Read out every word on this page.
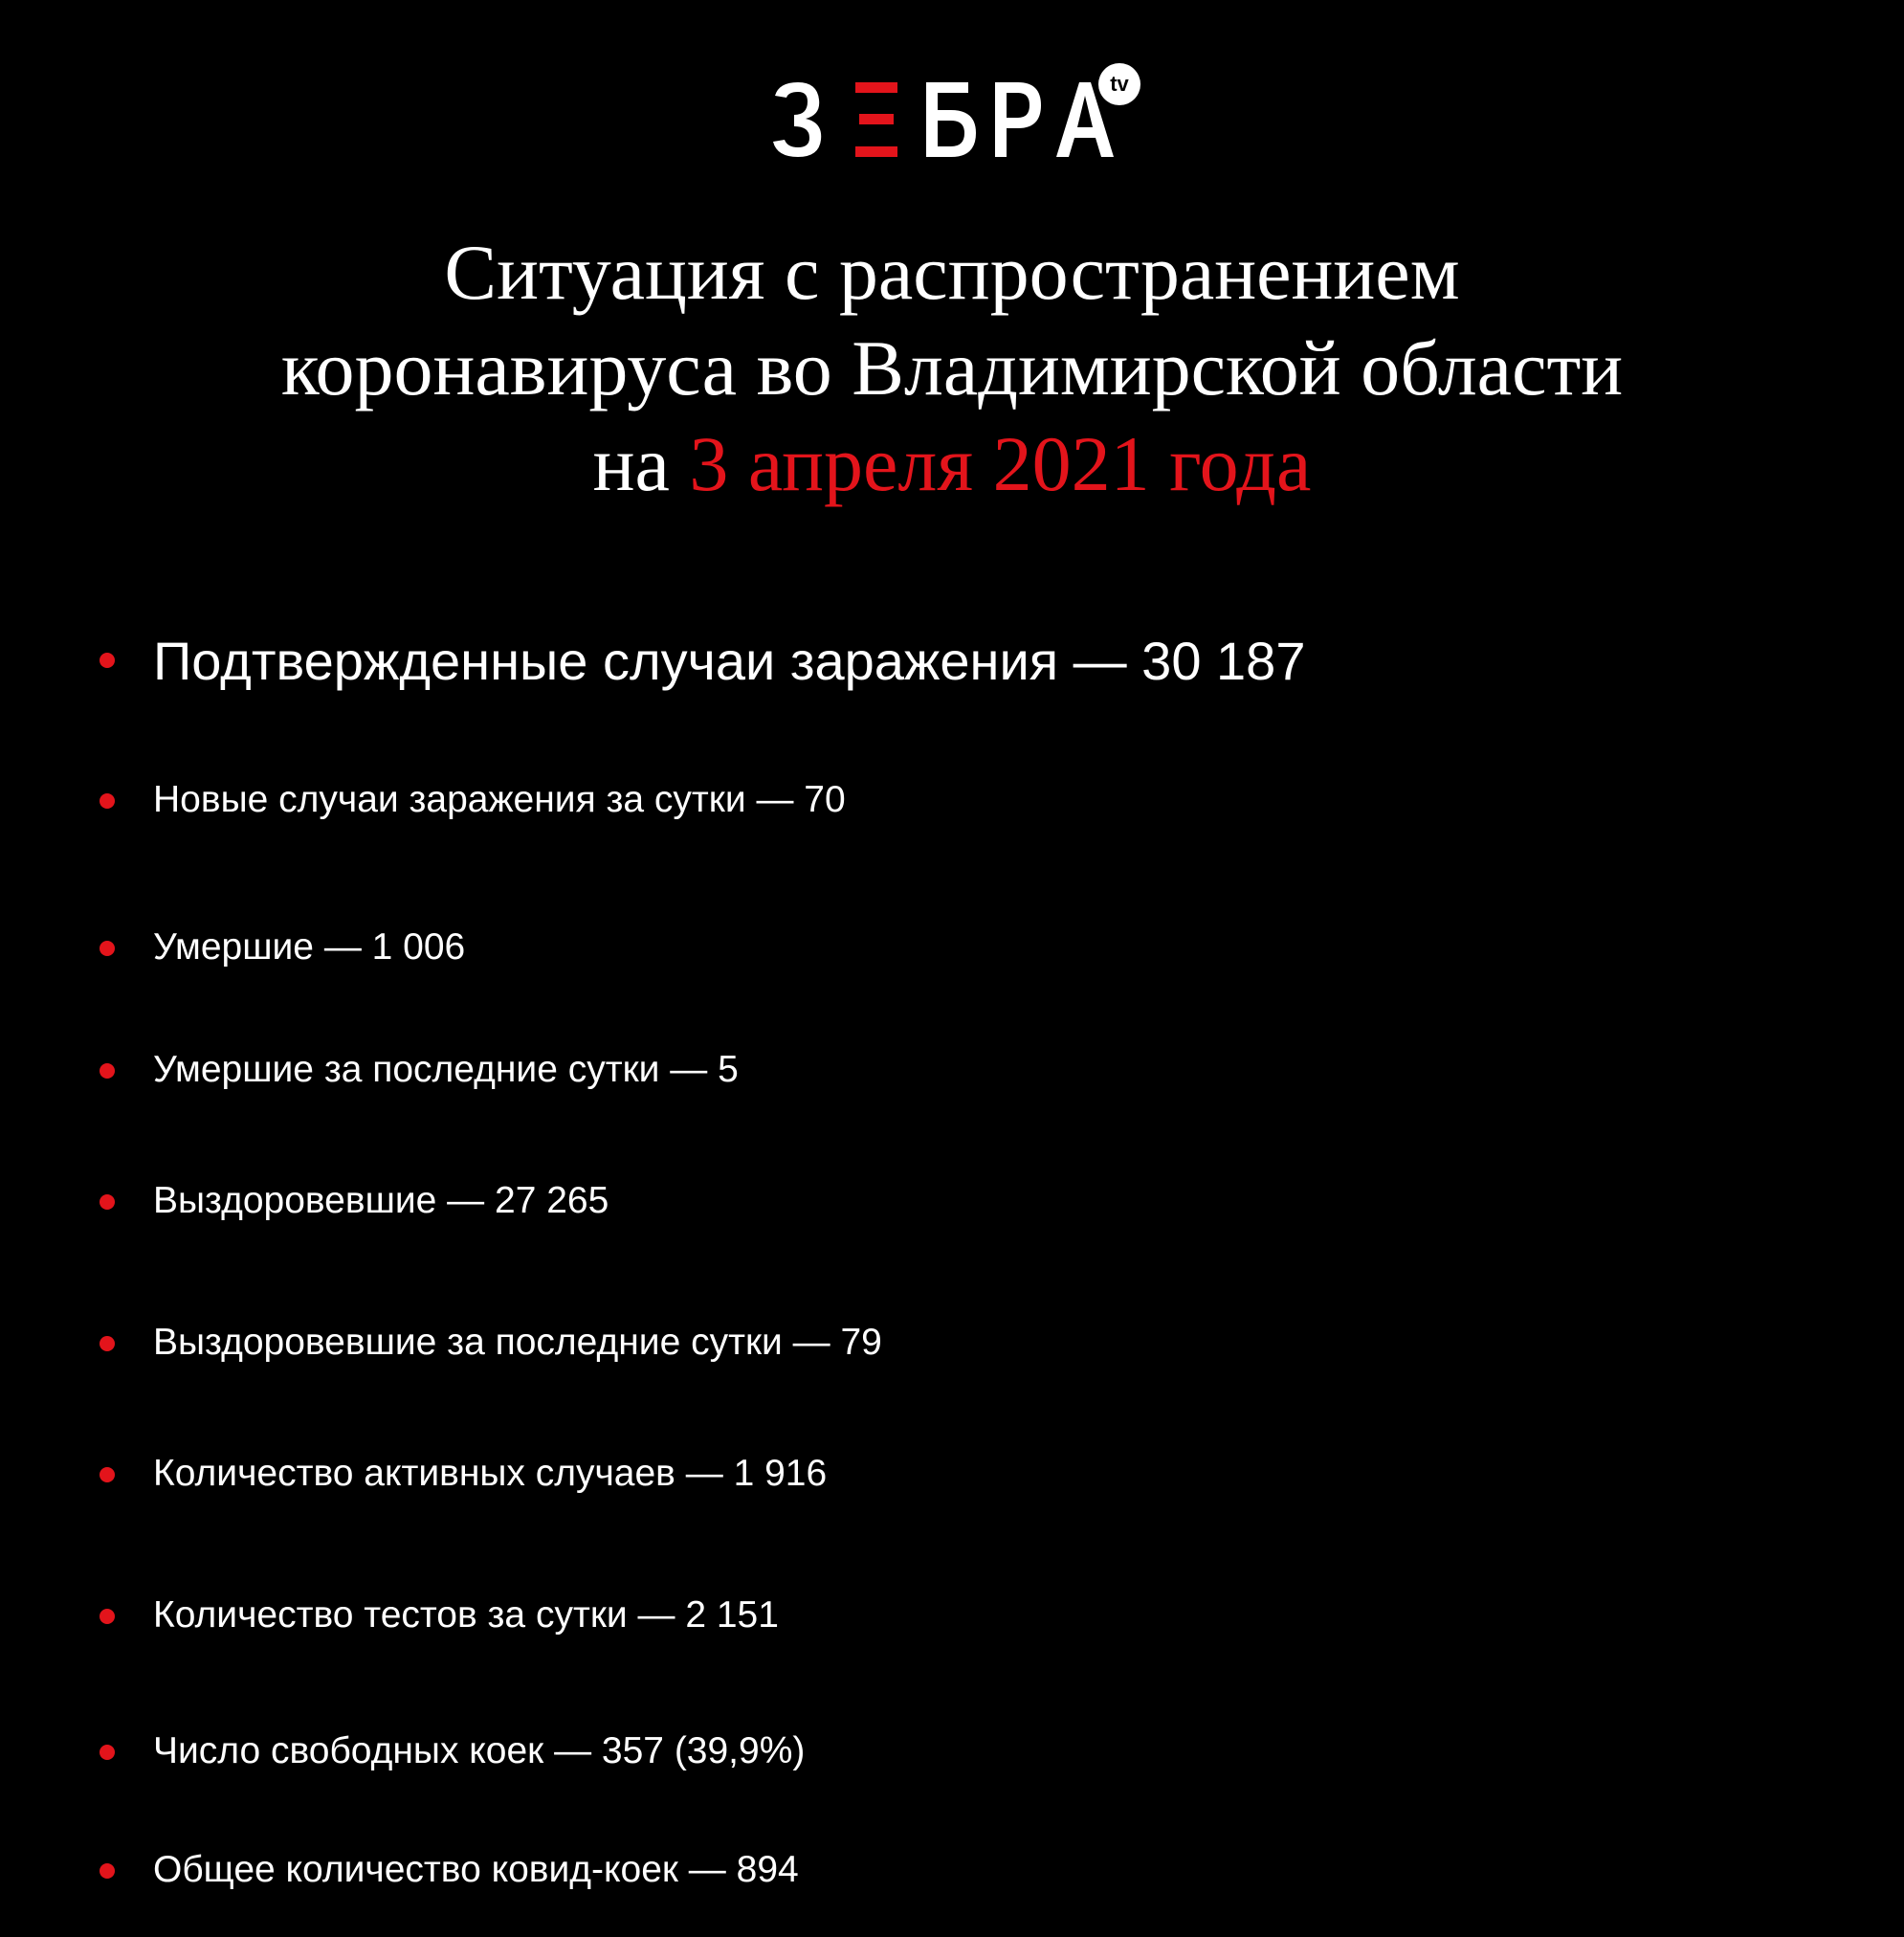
tv
Ситуация с распространением
коронавируса во Владимирской области
на 3 апреля 2021 года
Подтвержденные случаи заражения — 30 187
Новые случаи заражения за сутки — 70
Умершие — 1 006
Умершие за последние сутки — 5
Выздоровевшие — 27 265
Выздоровевшие за последние сутки — 79
Количество активных случаев — 1 916
Количество тестов за сутки — 2 151
Число свободных коек — 357 (39,9%)
Общее количество ковид-коек — 894
